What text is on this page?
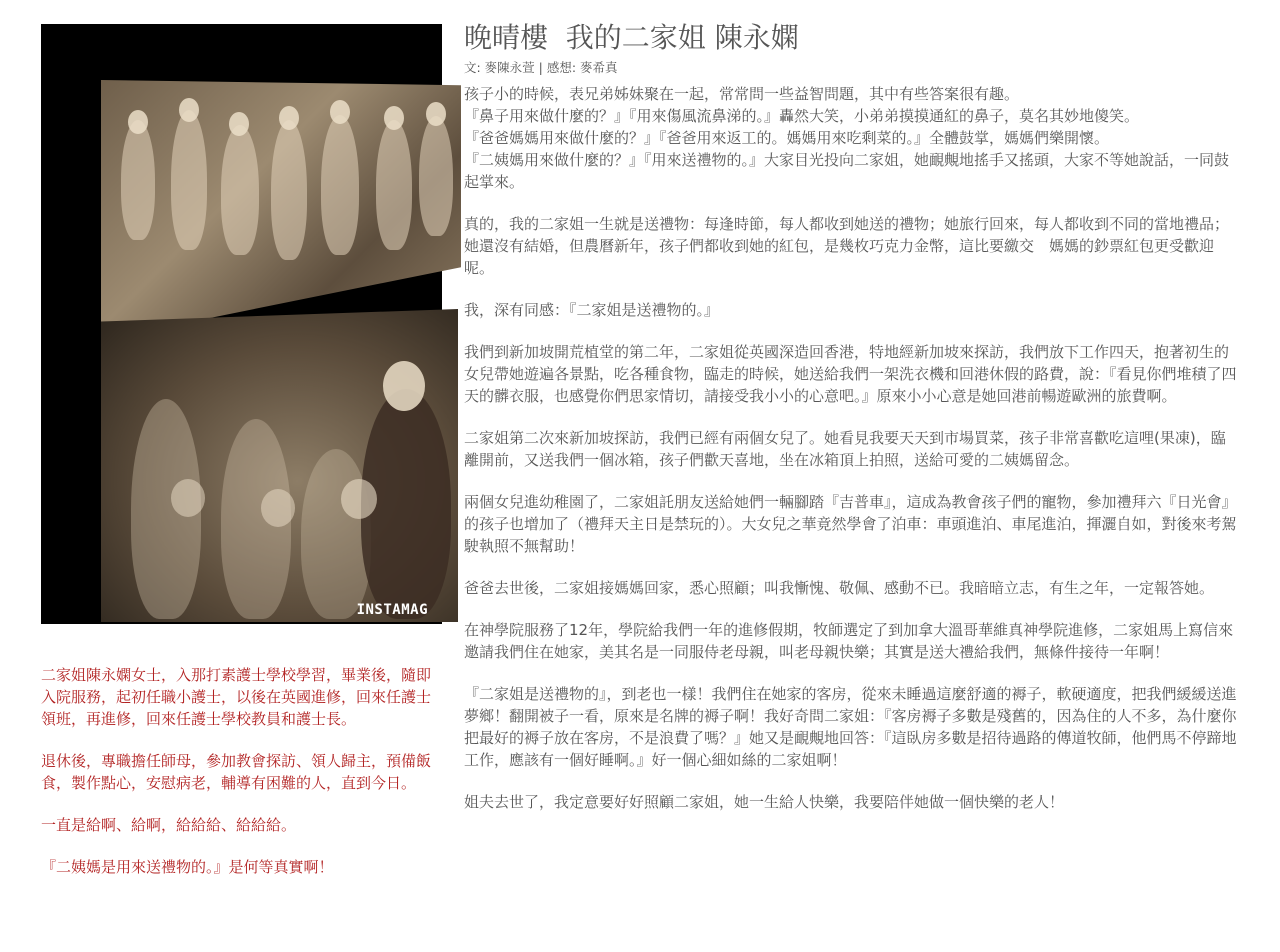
INSTAMAG

二家姐陳永嫻女士，入那打素護士學校學習，畢業後，隨即入院服務，起初任職小護士，以後在英國進修，回來任護士領班，再進修，回來任護士學校教員和護士長。

退休後，專職擔任師母，參加教會探訪、領人歸主，預備飯食，製作點心，安慰病老，輔導有困難的人，直到今日。

一直是給啊、給啊，給給給、給給給。

『二姨媽是用來送禮物的。』是何等真實啊！

晚晴樓  我的二家姐 陳永嫻
文: 麥陳永萱 | 感想: 麥希真

孩子小的時候，表兄弟姊妹聚在一起，常常問一些益智問題，其中有些答案很有趣。
『鼻子用來做什麼的？』『用來傷風流鼻涕的。』轟然大笑，小弟弟摸摸通紅的鼻子，莫名其妙地傻笑。
『爸爸媽媽用來做什麼的？』『爸爸用來返工的。媽媽用來吃剩菜的。』全體鼓掌，媽媽們樂開懷。
『二姨媽用來做什麼的？』『用來送禮物的。』大家目光投向二家姐，她靦覥地搖手又搖頭，大家不等她說話，一同鼓起掌來。

真的，我的二家姐一生就是送禮物：每逢時節，每人都收到她送的禮物；她旅行回來，每人都收到不同的當地禮品；她還沒有結婚，但農曆新年，孩子們都收到她的紅包，是幾枚巧克力金幣，這比要繳交　媽媽的鈔票紅包更受歡迎呢。

我，深有同感：『二家姐是送禮物的。』

我們到新加坡開荒植堂的第二年，二家姐從英國深造回香港，特地經新加坡來探訪，我們放下工作四天，抱著初生的女兒帶她遊遍各景點，吃各種食物，臨走的時候，她送給我們一架洗衣機和回港休假的路費，說：『看見你們堆積了四天的髒衣服，也感覺你們思家情切，請接受我小小的心意吧。』原來小小心意是她回港前暢遊歐洲的旅費啊。

二家姐第二次來新加坡探訪，我們已經有兩個女兒了。她看見我要天天到市場買菜，孩子非常喜歡吃這哩(果凍)，臨離開前，又送我們一個冰箱，孩子們歡天喜地，坐在冰箱頂上拍照，送給可愛的二姨媽留念。

兩個女兒進幼稚園了，二家姐託朋友送給她們一輛腳踏『吉普車』，這成為教會孩子們的寵物，參加禮拜六『日光會』的孩子也增加了（禮拜天主日是禁玩的）。大女兒之華竟然學會了泊車：車頭進泊、車尾進泊，揮灑自如，對後來考駕駛執照不無幫助！

爸爸去世後，二家姐接媽媽回家，悉心照顧；叫我慚愧、敬佩、感動不已。我暗暗立志，有生之年，一定報答她。

在神學院服務了12年，學院給我們一年的進修假期，牧師選定了到加拿大溫哥華維真神學院進修，二家姐馬上寫信來邀請我們住在她家，美其名是一同服侍老母親，叫老母親快樂；其實是送大禮給我們，無條件接待一年啊！

『二家姐是送禮物的』，到老也一樣！我們住在她家的客房，從來未睡過這麼舒適的褥子，軟硬適度，把我們緩緩送進夢鄉！翻開被子一看，原來是名牌的褥子啊！我好奇問二家姐：『客房褥子多數是殘舊的，因為住的人不多，為什麼你把最好的褥子放在客房，不是浪費了嗎？』她又是靦覥地回答：『這臥房多數是招待過路的傳道牧師，他們馬不停蹄地工作，應該有一個好睡啊。』好一個心細如絲的二家姐啊！

姐夫去世了，我定意要好好照顧二家姐，她一生給人快樂，我要陪伴她做一個快樂的老人！
